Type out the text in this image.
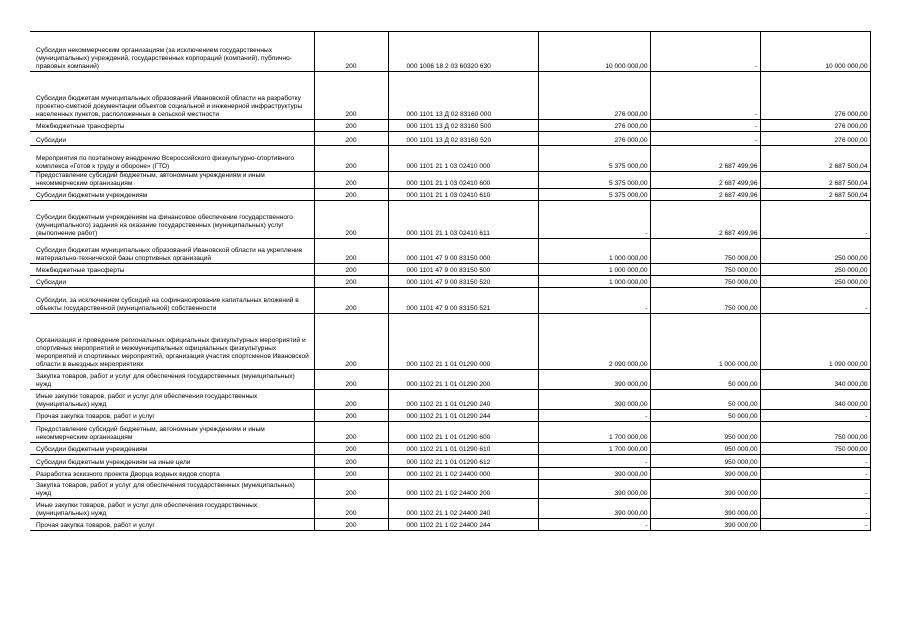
Субсидии некоммерческим организациям (за исключением государственных (муниципальных) учреждений, государственных корпораций (компаний), публично-правовых компаний)	200	000 1006 18 2 03 60320 630	10 000 000,00	-	10 000 000,00

Субсидии бюджетам муниципальных образований Ивановской области на разработку проектно-сметной документации объектов социальной и инженерной инфраструктуры населенных пунктов, расположенных в сельской местности	200	000 1101 13 Д 02 83160 000	276 000,00	-	276 000,00

Межбюджетные трансферты	200	000 1101 13 Д 02 83160 500	276 000,00	-	276 000,00

Субсидии	200	000 1101 13 Д 02 83160 520	276 000,00	-	276 000,00

Мероприятия по поэтапному внедрению Всероссийского физкультурно-спортивного комплекса «Готов к труду и обороне» (ГТО)	200	000 1101 21 1 03 02410 000	5 375 000,00	2 687 499,96	2 687 500,04

Предоставление субсидий бюджетным, автономным учреждениям и иным некоммерческим организациям	200	000 1101 21 1 03 02410 600	5 375 000,00	2 687 499,96	2 687 500,04

Субсидии бюджетным учреждениям	200	000 1101 21 1 03 02410 610	5 375 000,00	2 687 499,96	2 687 500,04

Субсидии бюджетным учреждениям на финансовое обеспечение государственного (муниципального) задания на оказание государственных (муниципальных) услуг (выполнение работ)	200	000 1101 21 1 03 02410 611	-	2 687 499,96	-

Субсидии бюджетам муниципальных образований Ивановской области на укрепление материально-технической базы спортивных организаций	200	000 1101 47 9 00 83150 000	1 000 000,00	750 000,00	250 000,00

Межбюджетные трансферты	200	000 1101 47 9 00 83150 500	1 000 000,00	750 000,00	250 000,00

Субсидии	200	000 1101 47 9 00 83150 520	1 000 000,00	750 000,00	250 000,00

Субсидии, за исключением субсидий на софинансирование капитальных вложений в объекты государственной (муниципальной) собственности	200	000 1101 47 9 00 83150 521	-	750 000,00	-

Организация и проведение региональных официальных физкультурных мероприятий и спортивных мероприятий и межмуниципальных официальных физкультурных мероприятий и спортивных мероприятий, организация участия спортсменов Ивановской области в выездных мероприятиях	200	000 1102 21 1 01 01290 000	2 090 000,00	1 000 000,00	1 090 000,00

Закупка товаров, работ и услуг для обеспечения государственных (муниципальных) нужд	200	000 1102 21 1 01 01290 200	390 000,00	50 000,00	340 000,00

Иные закупки товаров, работ и услуг для обеспечения государственных (муниципальных) нужд	200	000 1102 21 1 01 01290 240	390 000,00	50 000,00	340 000,00

Прочая закупка товаров, работ и услуг	200	000 1102 21 1 01 01290 244	-	50 000,00	-

Предоставление субсидий бюджетным, автономным учреждениям и иным некоммерческим организациям	200	000 1102 21 1 01 01290 600	1 700 000,00	950 000,00	750 000,00

Субсидии бюджетным учреждениям	200	000 1102 21 1 01 01290 610	1 700 000,00	950 000,00	750 000,00

Субсидии бюджетным учреждениям на иные цели	200	000 1102 21 1 01 01290 612	-	950 000,00	-

Разработка эскизного проекта Дворца водных видов спорта	200	000 1102 21 1 02 24400 000	390 000,00	390 000,00	-

Закупка товаров, работ и услуг для обеспечения государственных (муниципальных) нужд	200	000 1102 21 1 02 24400 200	390 000,00	390 000,00	-

Иные закупки товаров, работ и услуг для обеспечения государственных (муниципальных) нужд	200	000 1102 21 1 02 24400 240	390 000,00	390 000,00	-

Прочая закупка товаров, работ и услуг	200	000 1102 21 1 02 24400 244	-	390 000,00	-
